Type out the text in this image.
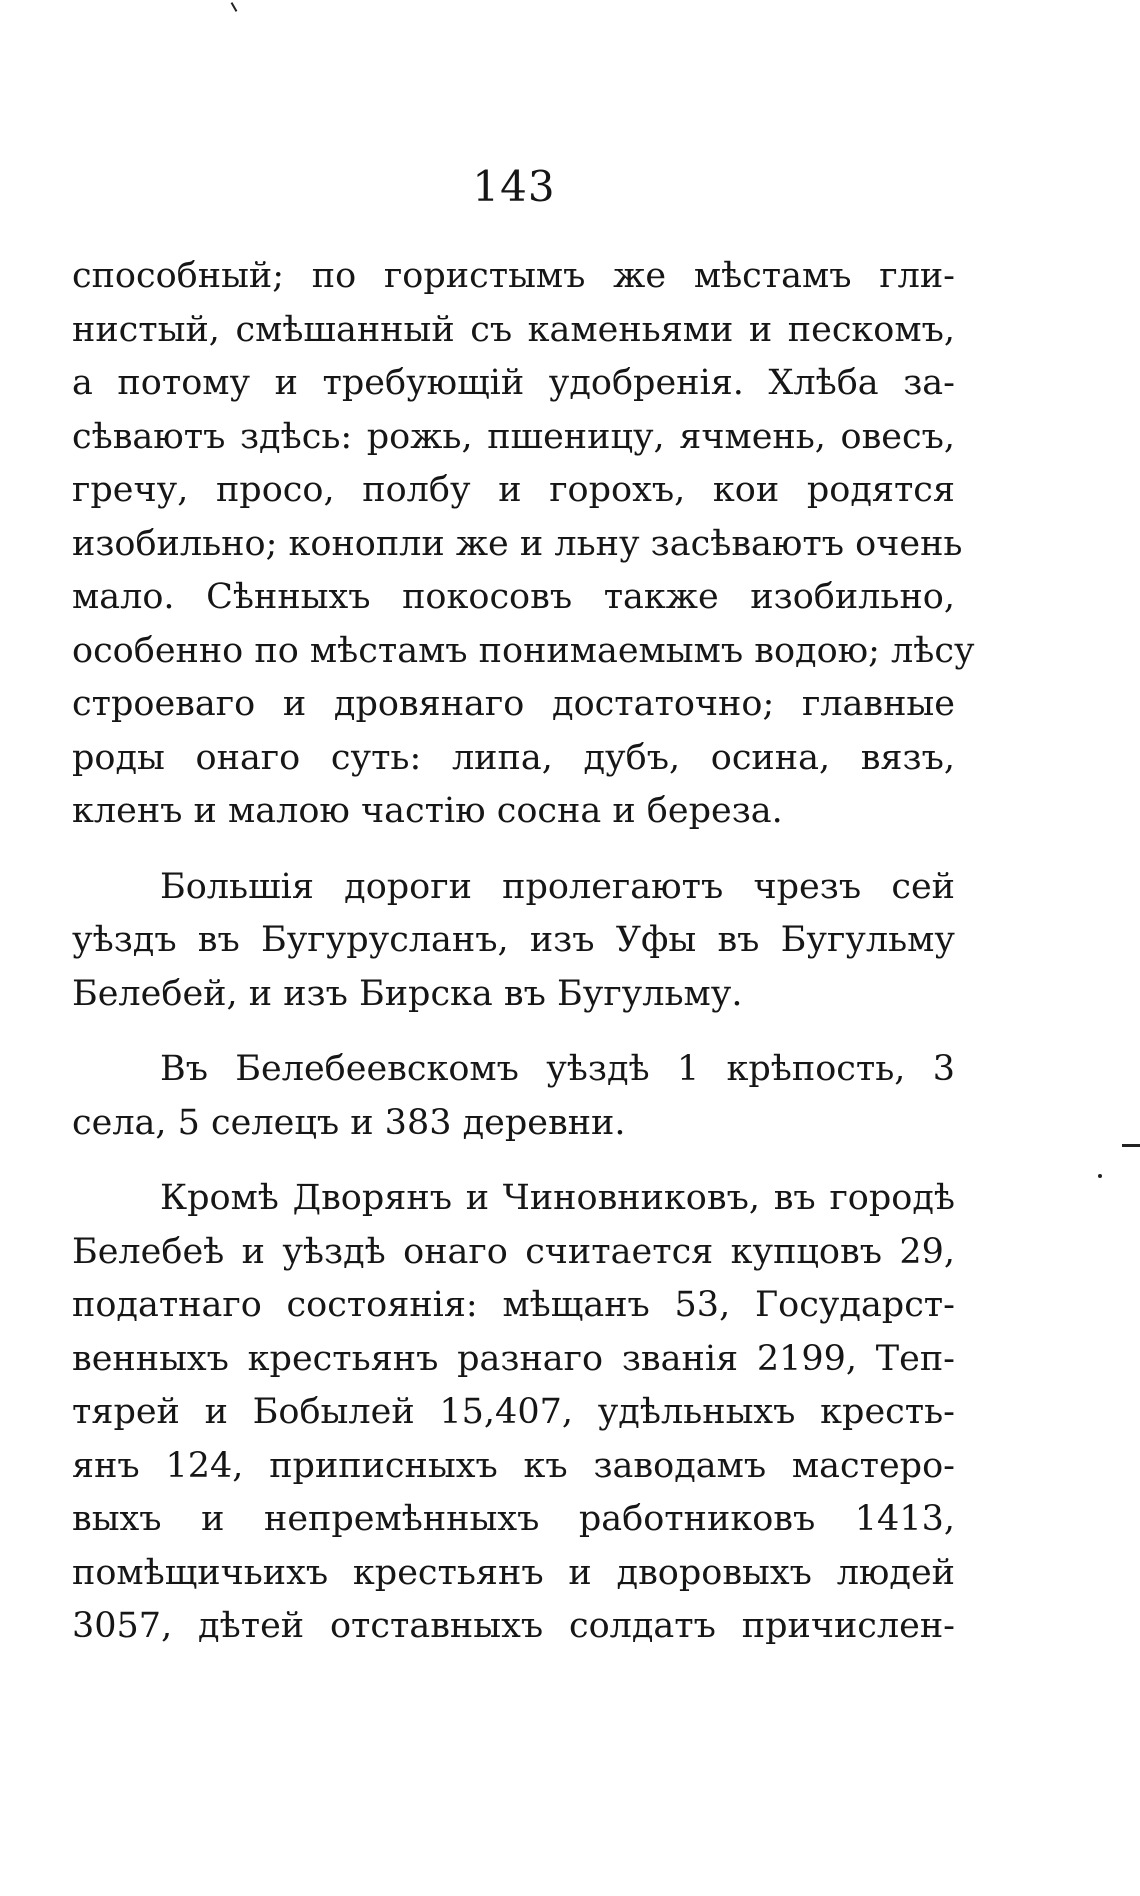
143
способный; по гористымъ же мѣстамъ гли-
нистый, смѣшанный съ каменьями и пескомъ,
а потому и требующій удобренія. Хлѣба за-
сѣваютъ здѣсь: рожь, пшеницу, ячмень, овесъ,
гречу, просо, полбу и горохъ, кои родятся
изобильно; конопли же и льну засѣваютъ очень
мало. Сѣнныхъ покосовъ также изобильно,
особенно по мѣстамъ понимаемымъ водою; лѣсу
строеваго и дровянаго достаточно; главные
роды онаго суть: липа, дубъ, осина, вязъ,
кленъ и малою частію сосна и береза.
Большія дороги пролегаютъ чрезъ сей
уѣздъ въ Бугурусланъ, изъ Уфы въ Бугульму
Белебей, и изъ Бирска въ Бугульму.
Въ Белебеевскомъ уѣздѣ 1 крѣпость, 3
села, 5 селецъ и 383 деревни.
Кромѣ Дворянъ и Чиновниковъ, въ городѣ
Белебеѣ и уѣздѣ онаго считается купцовъ 29,
податнаго состоянія: мѣщанъ 53, Государст-
венныхъ крестьянъ разнаго званія 2199, Теп-
тярей и Бобылей 15,407, удѣльныхъ кресть-
янъ 124, приписныхъ къ заводамъ мастеро-
выхъ и непремѣнныхъ работниковъ 1413,
помѣщичьихъ крестьянъ и дворовыхъ людей
3057, дѣтей отставныхъ солдатъ причислен-
